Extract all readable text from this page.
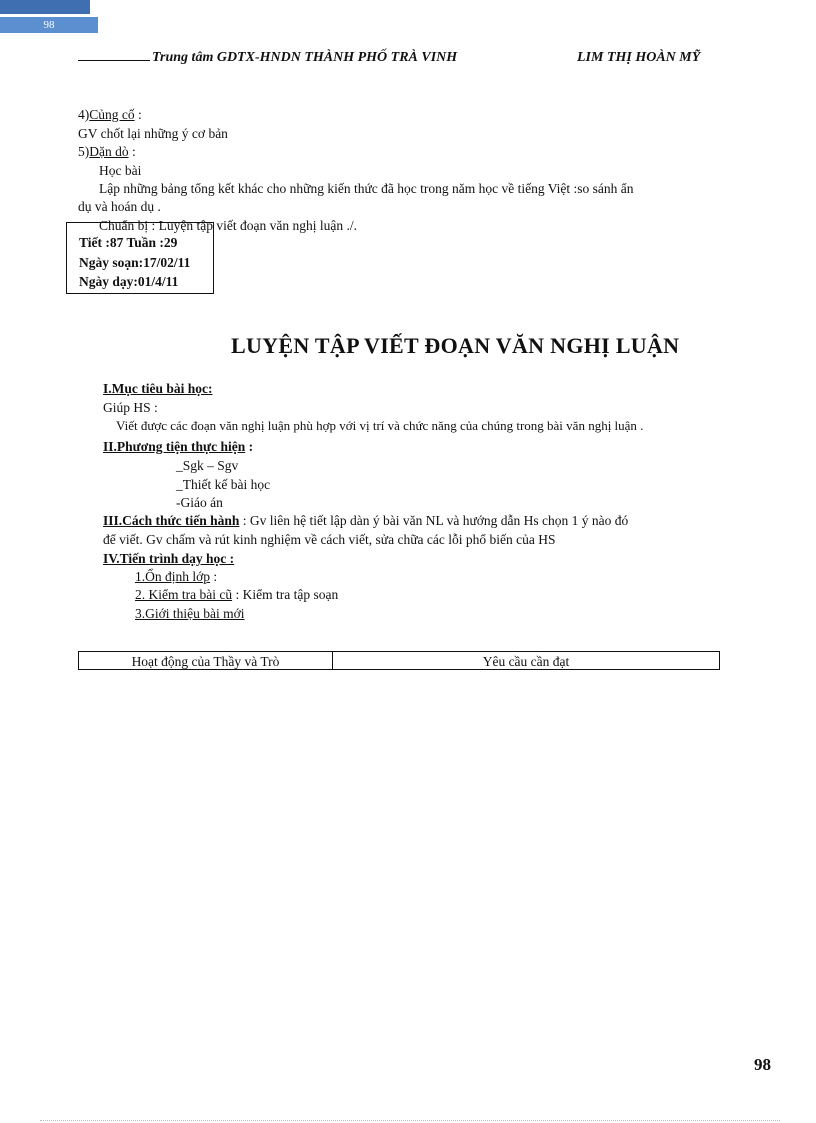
98
Trung tâm GDTX-HNDN THÀNH PHỐ TRÀ VINH	LIM THỊ HOÀN MỸ
4)Củng cố :
GV chốt lại những ý cơ bản
5)Dặn dò :
Học bài
Lập những bảng tổng kết khác cho những kiến thức đã học trong năm học về tiếng Việt :so sánh ẩn
dụ và hoán dụ .
Chuẩn bị : Luyện tập viết đoạn văn nghị luận ./.
Tiết :87 Tuần :29
Ngày soạn:17/02/11
Ngày dạy:01/4/11
LUYỆN TẬP VIẾT ĐOẠN VĂN NGHỊ LUẬN
I.Mục tiêu bài học:
Giúp HS :
Viết được các đoạn văn nghị luận phù hợp với vị trí và chức năng của chúng trong bài văn nghị luận .
II.Phương tiện thực hiện :
_Sgk – Sgv
_Thiết kế bài học
-Giáo án
III.Cách thức tiến hành : Gv liên hệ tiết lập dàn ý bài văn NL và hướng dẫn Hs chọn 1 ý nào đó
để viết. Gv chấm và rút kinh nghiệm về cách viết, sửa chữa các lỗi phổ biến của HS
IV.Tiến trình dạy học :
1.Ổn định lớp :
2. Kiểm tra bài cũ : Kiểm tra tập soạn
3.Giới thiệu bài mới
Hoạt động của Thầy và Trò	Yêu cầu cần đạt
98
